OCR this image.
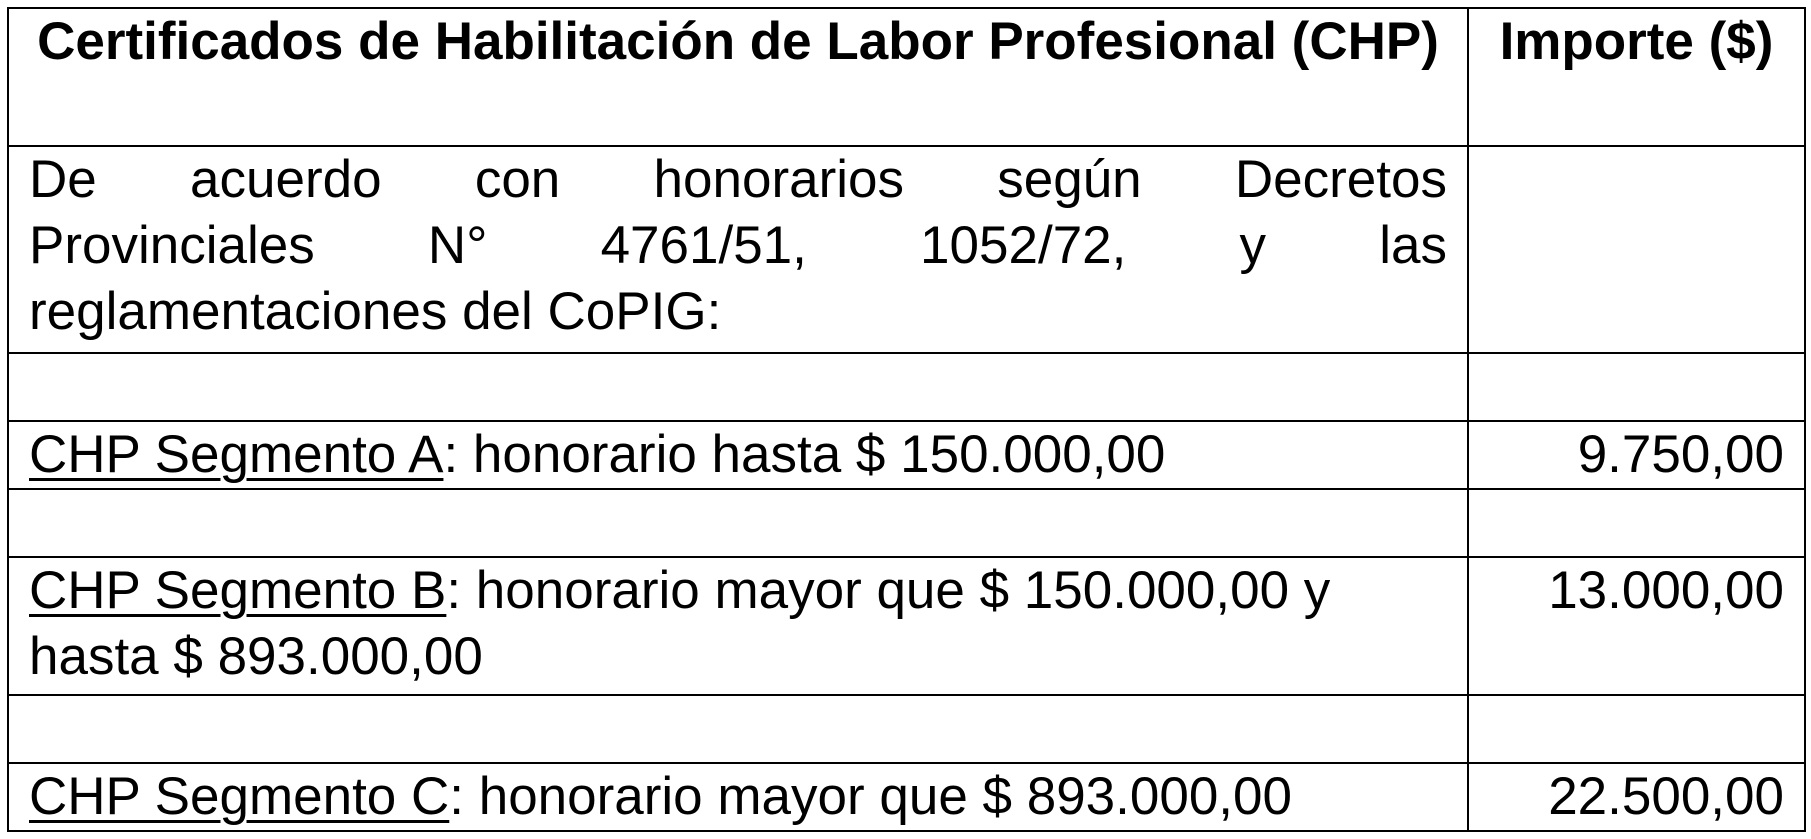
Certificados de Habilitación de Labor Profesional (CHP)	Importe ($)

De acuerdo con honorarios según Decretos
Provinciales N° 4761/51, 1052/72, y las
reglamentaciones del CoPIG:	

CHP Segmento A: honorario hasta $ 150.000,00	9.750,00

CHP Segmento B: honorario mayor que $ 150.000,00 y hasta $ 893.000,00	13.000,00

CHP Segmento C: honorario mayor que $ 893.000,00	22.500,00
